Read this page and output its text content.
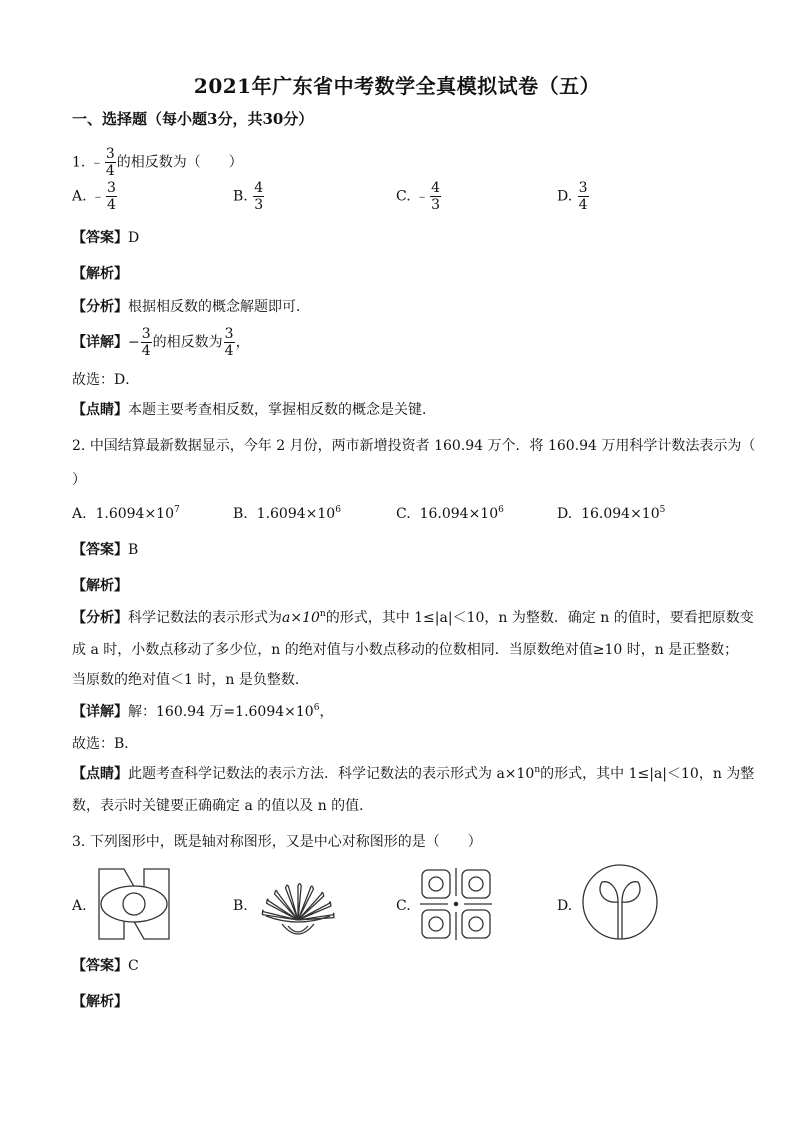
2021年广东省中考数学全真模拟试卷（五）
一、选择题（每小题3分，共30分）
1. ﹣ $\frac{3}{4}$ 的相反数为（　　）
A. ﹣ $\frac{3}{4}$	B. $\frac{4}{3}$	C. ﹣ $\frac{4}{3}$	D. $\frac{3}{4}$
【答案】D
【解析】
【分析】根据相反数的概念解题即可．
【详解】− $\frac{3}{4}$ 的相反数为 $\frac{3}{4}$ ，
故选：D．
【点睛】本题主要考查相反数，掌握相反数的概念是关键．
2. 中国结算最新数据显示，今年 2 月份，两市新增投资者 160.94 万个．将 160.94 万用科学计数法表示为（
）
A. $1.6094\times 10^7$	B. $1.6094\times 10^6$	C. $16.094\times 10^6$	D. $16.094\times 10^5$
【答案】B
【解析】
【分析】科学记数法的表示形式为$a\times 10^n$的形式，其中 1≤|a|＜10，n 为整数．确定 n 的值时，要看把原数变
成 a 时，小数点移动了多少位，n 的绝对值与小数点移动的位数相同．当原数绝对值≥10 时，n 是正整数；
当原数的绝对值＜1 时，n 是负整数．
【详解】解：160.94 万$=1.6094\times 10^6$，
故选：B．
【点睛】此题考查科学记数法的表示方法．科学记数法的表示形式为 $a\times 10^n$的形式，其中 1≤|a|＜10，n 为整
数，表示时关键要正确确定 a 的值以及 n 的值．
3. 下列图形中，既是轴对称图形，又是中心对称图形的是（　　）
A.	B.	C.	D.
【答案】C
【解析】
